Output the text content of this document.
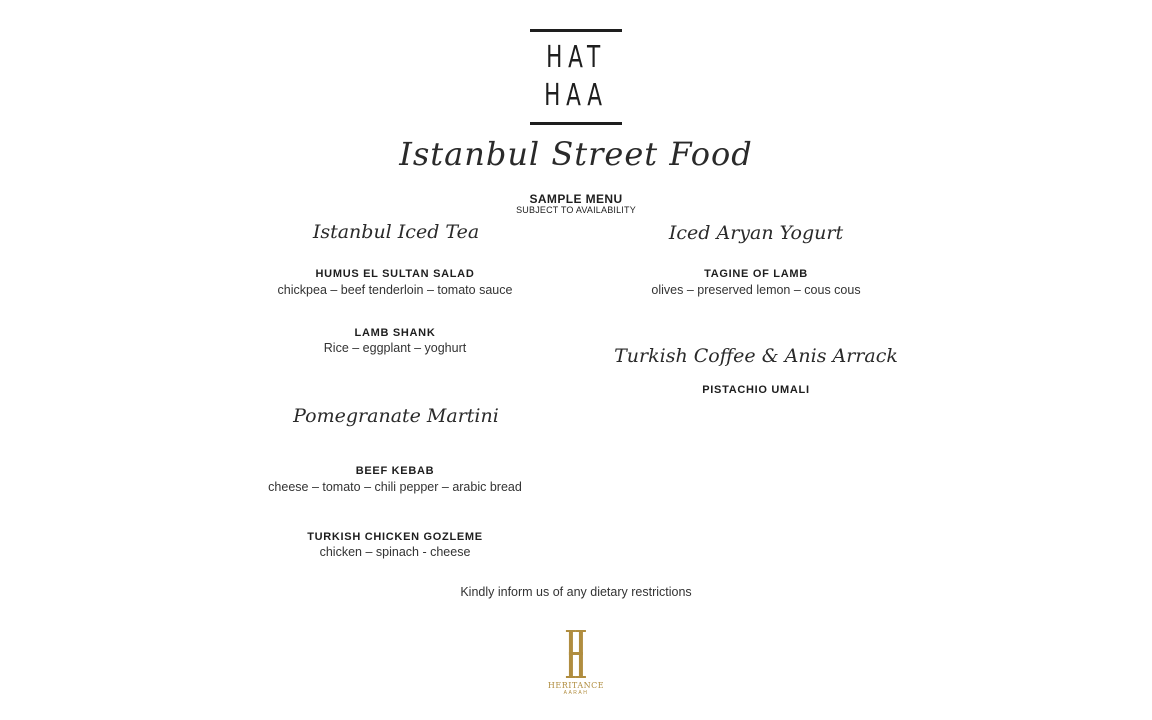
HAT
HAA
Istanbul Street Food
SAMPLE MENU
SUBJECT TO AVAILABILITY
Istanbul Iced Tea
HUMUS EL SULTAN SALAD
chickpea – beef tenderloin – tomato sauce
LAMB SHANK
Rice – eggplant – yoghurt
Pomegranate Martini
BEEF KEBAB
cheese – tomato – chili pepper – arabic bread
TURKISH CHICKEN GOZLEME
chicken – spinach - cheese
Iced Aryan Yogurt
TAGINE OF LAMB
olives – preserved lemon – cous cous
Turkish Coffee & Anis Arrack
PISTACHIO UMALI
Kindly inform us of any dietary restrictions
HERITANCE
AARAH
